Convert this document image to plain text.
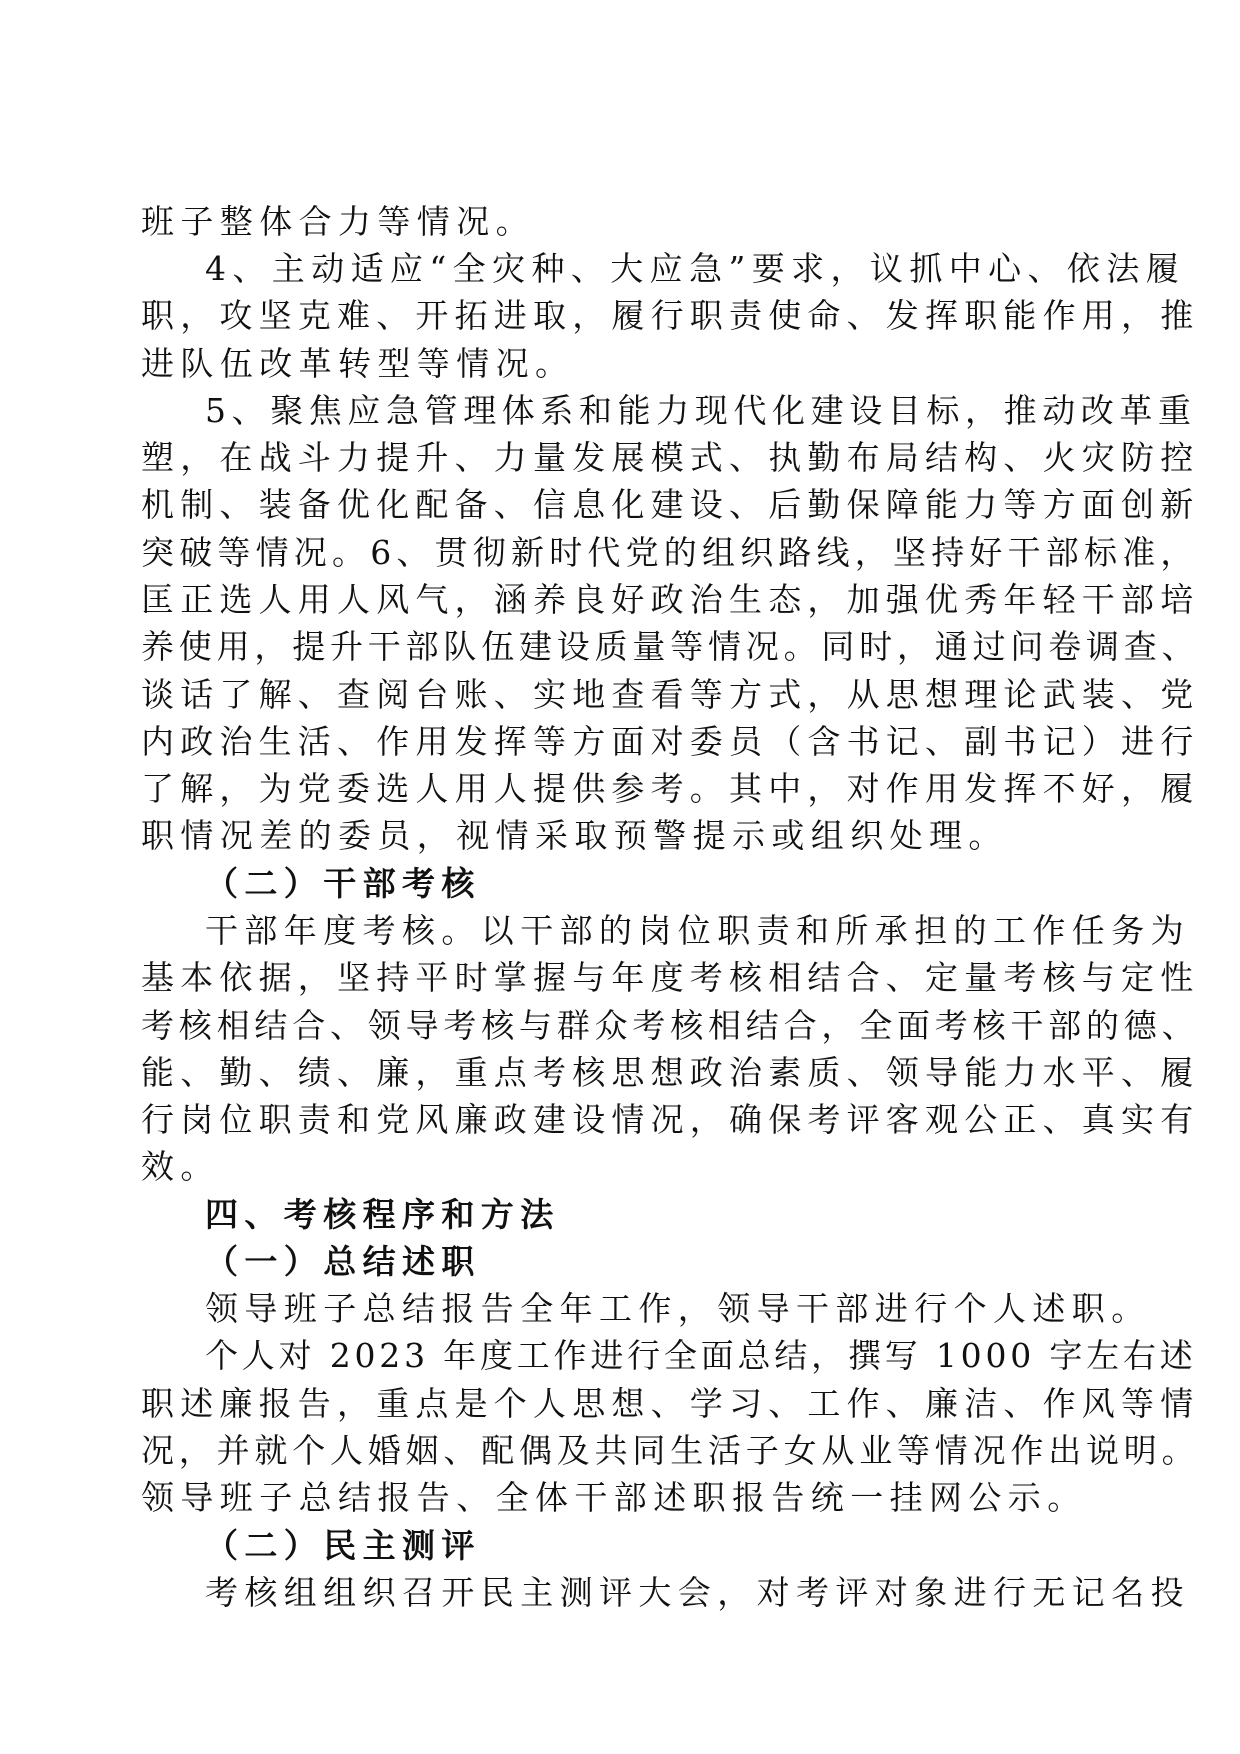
班子整体合力等情况。
4、主动适应“全灾种、大应急”要求，议抓中心、依法履
职，攻坚克难、开拓进取，履行职责使命、发挥职能作用，推
进队伍改革转型等情况。
5、聚焦应急管理体系和能力现代化建设目标，推动改革重
塑，在战斗力提升、力量发展模式、执勤布局结构、火灾防控
机制、装备优化配备、信息化建设、后勤保障能力等方面创新
突破等情况。6、贯彻新时代党的组织路线，坚持好干部标准，
匡正选人用人风气，涵养良好政治生态，加强优秀年轻干部培
养使用，提升干部队伍建设质量等情况。同时，通过问卷调查、
谈话了解、查阅台账、实地查看等方式，从思想理论武装、党
内政治生活、作用发挥等方面对委员（含书记、副书记）进行
了解，为党委选人用人提供参考。其中，对作用发挥不好，履
职情况差的委员，视情采取预警提示或组织处理。
（二）干部考核
干部年度考核。以干部的岗位职责和所承担的工作任务为
基本依据，坚持平时掌握与年度考核相结合、定量考核与定性
考核相结合、领导考核与群众考核相结合，全面考核干部的德、
能、勤、绩、廉，重点考核思想政治素质、领导能力水平、履
行岗位职责和党风廉政建设情况，确保考评客观公正、真实有
效。
四、考核程序和方法
（一）总结述职
领导班子总结报告全年工作，领导干部进行个人述职。
个人对 2023 年度工作进行全面总结，撰写 1000 字左右述
职述廉报告，重点是个人思想、学习、工作、廉洁、作风等情
况，并就个人婚姻、配偶及共同生活子女从业等情况作出说明。
领导班子总结报告、全体干部述职报告统一挂网公示。
（二）民主测评
考核组组织召开民主测评大会，对考评对象进行无记名投
